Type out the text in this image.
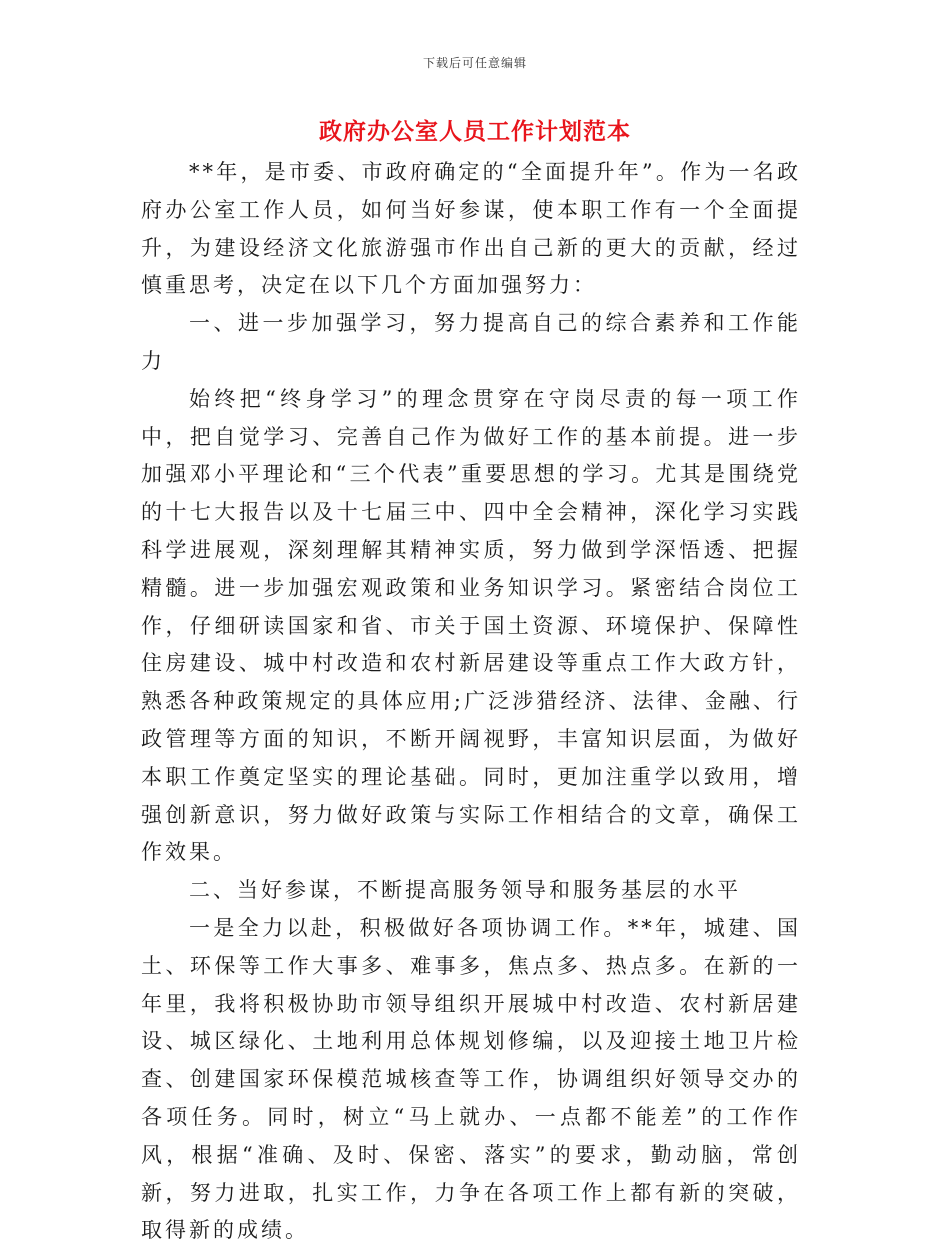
下载后可任意编辑
政府办公室人员工作计划范本

**年，是市委、市政府确定的“全面提升年”。作为一名政府办公室工作人员，如何当好参谋，使本职工作有一个全面提升，为建设经济文化旅游强市作出自己新的更大的贡献，经过慎重思考，决定在以下几个方面加强努力：

一、进一步加强学习，努力提高自己的综合素养和工作能力

始终把“终身学习”的理念贯穿在守岗尽责的每一项工作中，把自觉学习、完善自己作为做好工作的基本前提。进一步加强邓小平理论和“三个代表”重要思想的学习。尤其是围绕党的十七大报告以及十七届三中、四中全会精神，深化学习实践科学进展观，深刻理解其精神实质，努力做到学深悟透、把握精髓。进一步加强宏观政策和业务知识学习。紧密结合岗位工作，仔细研读国家和省、市关于国土资源、环境保护、保障性住房建设、城中村改造和农村新居建设等重点工作大政方针，熟悉各种政策规定的具体应用;广泛涉猎经济、法律、金融、行政管理等方面的知识，不断开阔视野，丰富知识层面，为做好本职工作奠定坚实的理论基础。同时，更加注重学以致用，增强创新意识，努力做好政策与实际工作相结合的文章，确保工作效果。

二、当好参谋，不断提高服务领导和服务基层的水平

一是全力以赴，积极做好各项协调工作。**年，城建、国土、环保等工作大事多、难事多，焦点多、热点多。在新的一年里，我将积极协助市领导组织开展城中村改造、农村新居建设、城区绿化、土地利用总体规划修编，以及迎接土地卫片检查、创建国家环保模范城核查等工作，协调组织好领导交办的各项任务。同时，树立“马上就办、一点都不能差”的工作作风，根据“准确、及时、保密、落实”的要求，勤动脑，常创新，努力进取，扎实工作，力争在各项工作上都有新的突破，取得新的成绩。
